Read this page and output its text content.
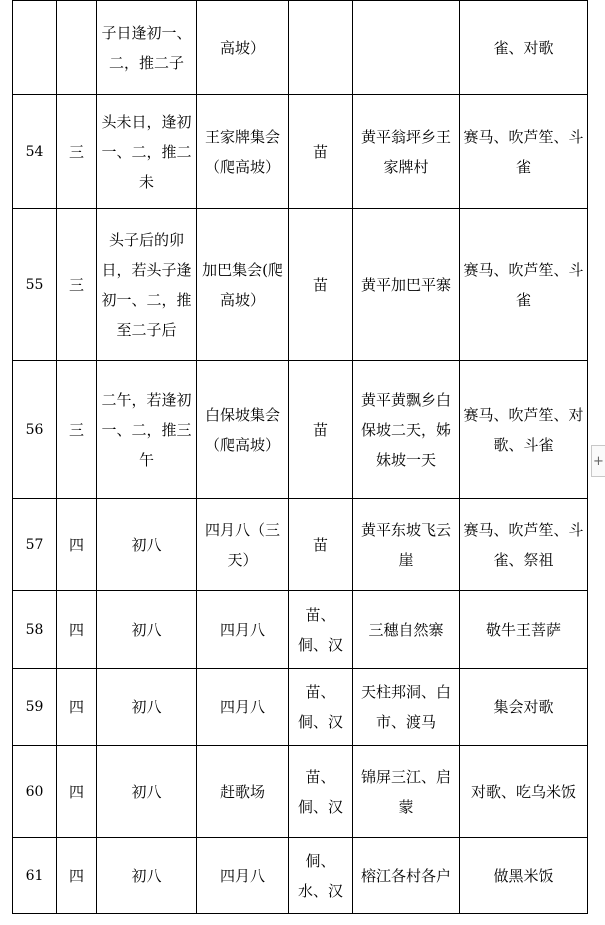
		子日逢初一、二，推二子	高坡）			雀、对歌
54	三	头未日，逢初一、二，推二未	王家牌集会（爬高坡）	苗	黄平翁坪乡王家牌村	赛马、吹芦笙、斗雀
55	三	头子后的卯日，若头子逢初一、二，推至二子后	加巴集会(爬高坡）	苗	黄平加巴平寨	赛马、吹芦笙、斗雀
56	三	二午，若逢初一、二，推三午	白保坡集会（爬高坡）	苗	黄平黄飘乡白保坡二天，姊妹坡一天	赛马、吹芦笙、对歌、斗雀
57	四	初八	四月八（三天）	苗	黄平东坡飞云崖	赛马、吹芦笙、斗雀、祭祖
58	四	初八	四月八	苗、侗、汉	三穗自然寨	敬牛王菩萨
59	四	初八	四月八	苗、侗、汉	天柱邦洞、白市、渡马	集会对歌
60	四	初八	赶歌场	苗、侗、汉	锦屏三江、启蒙	对歌、吃乌米饭
61	四	初八	四月八	侗、水、汉	榕江各村各户	做黑米饭
+
